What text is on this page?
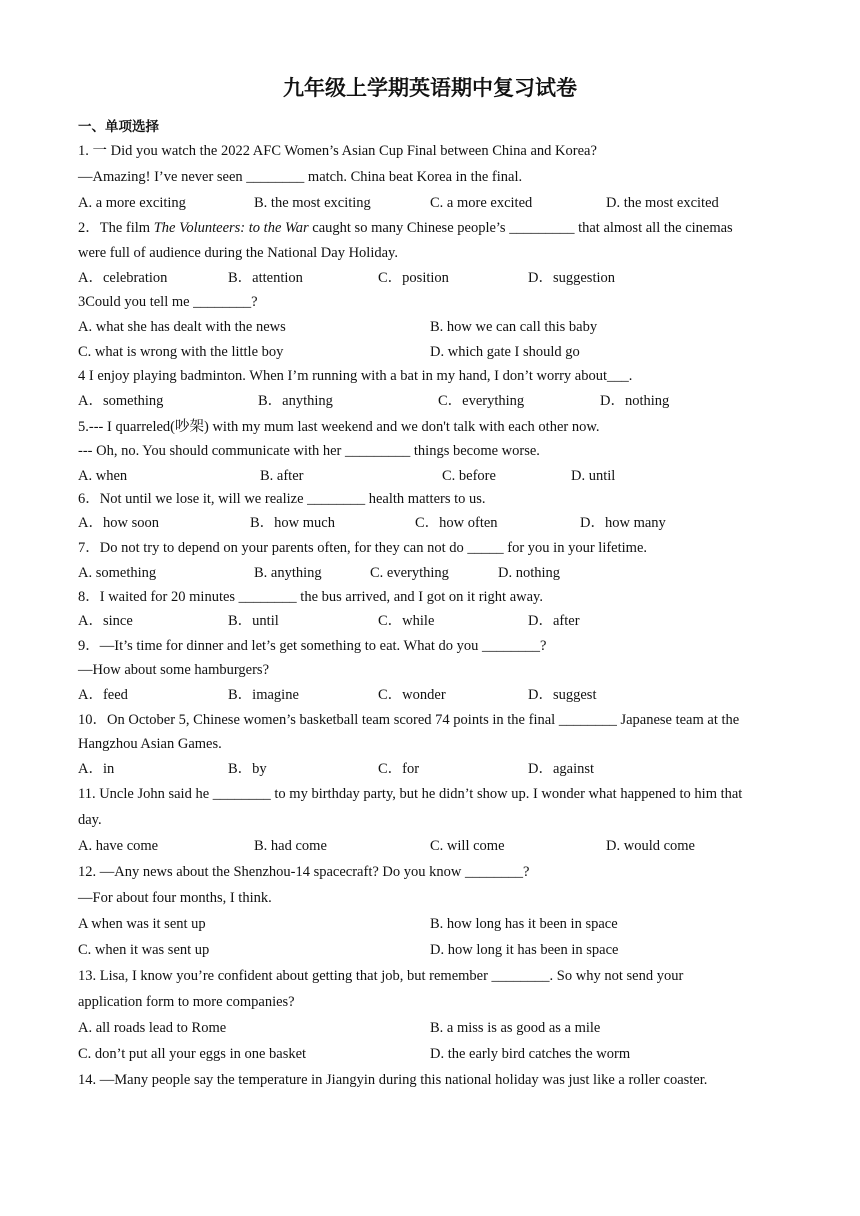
九年级上学期英语期中复习试卷
一、单项选择
1. 一 Did you watch the 2022 AFC Women’s Asian Cup Final between China and Korea?
—Amazing! I’ve never seen ________ match. China beat Korea in the final.
A. a more exciting	B. the most exciting	C. a more excited	D. the most excited
2．The film The Volunteers: to the War caught so many Chinese people’s _________ that almost all the cinemas
were full of audience during the National Day Holiday.
A．celebration	B．attention	C．position	D．suggestion
3Could you tell me ________?
A. what she has dealt with the news	B. how we can call this baby
C. what is wrong with the little boy	D. which gate I should go
4 I enjoy playing badminton. When I’m running with a bat in my hand, I don’t worry about___.
A．something	B．anything	C．everything	D．nothing
5.--- I quarreled(吵架) with my mum last weekend and we don't talk with each other now.
--- Oh, no. You should communicate with her _________ things become worse.
A. when	B. after	C. before	D. until
6．Not until we lose it, will we realize ________ health matters to us.
A．how soon	B．how much	C．how often	D．how many
7．Do not try to depend on your parents often, for they can not do _____ for you in your lifetime.
A. something	B. anything	C. everything	D. nothing
8．I waited for 20 minutes ________ the bus arrived, and I got on it right away.
A．since	B．until	C．while	D．after
9．—It’s time for dinner and let’s get something to eat. What do you ________?
—How about some hamburgers?
A．feed	B．imagine	C．wonder	D．suggest
10．On October 5, Chinese women’s basketball team scored 74 points in the final ________ Japanese team at the
Hangzhou Asian Games.
A．in	B．by	C．for	D．against
11. Uncle John said he ________ to my birthday party, but he didn’t show up. I wonder what happened to him that
day.
A. have come	B. had come	C. will come	D. would come
12. —Any news about the Shenzhou-14 spacecraft? Do you know ________?
—For about four months, I think.
A when was it sent up	B. how long has it been in space
C. when it was sent up	D. how long it has been in space
13. Lisa, I know you’re confident about getting that job, but remember ________. So why not send your
application form to more companies?
A. all roads lead to Rome	B. a miss is as good as a mile
C. don’t put all your eggs in one basket	D. the early bird catches the worm
14. —Many people say the temperature in Jiangyin during this national holiday was just like a roller coaster.
